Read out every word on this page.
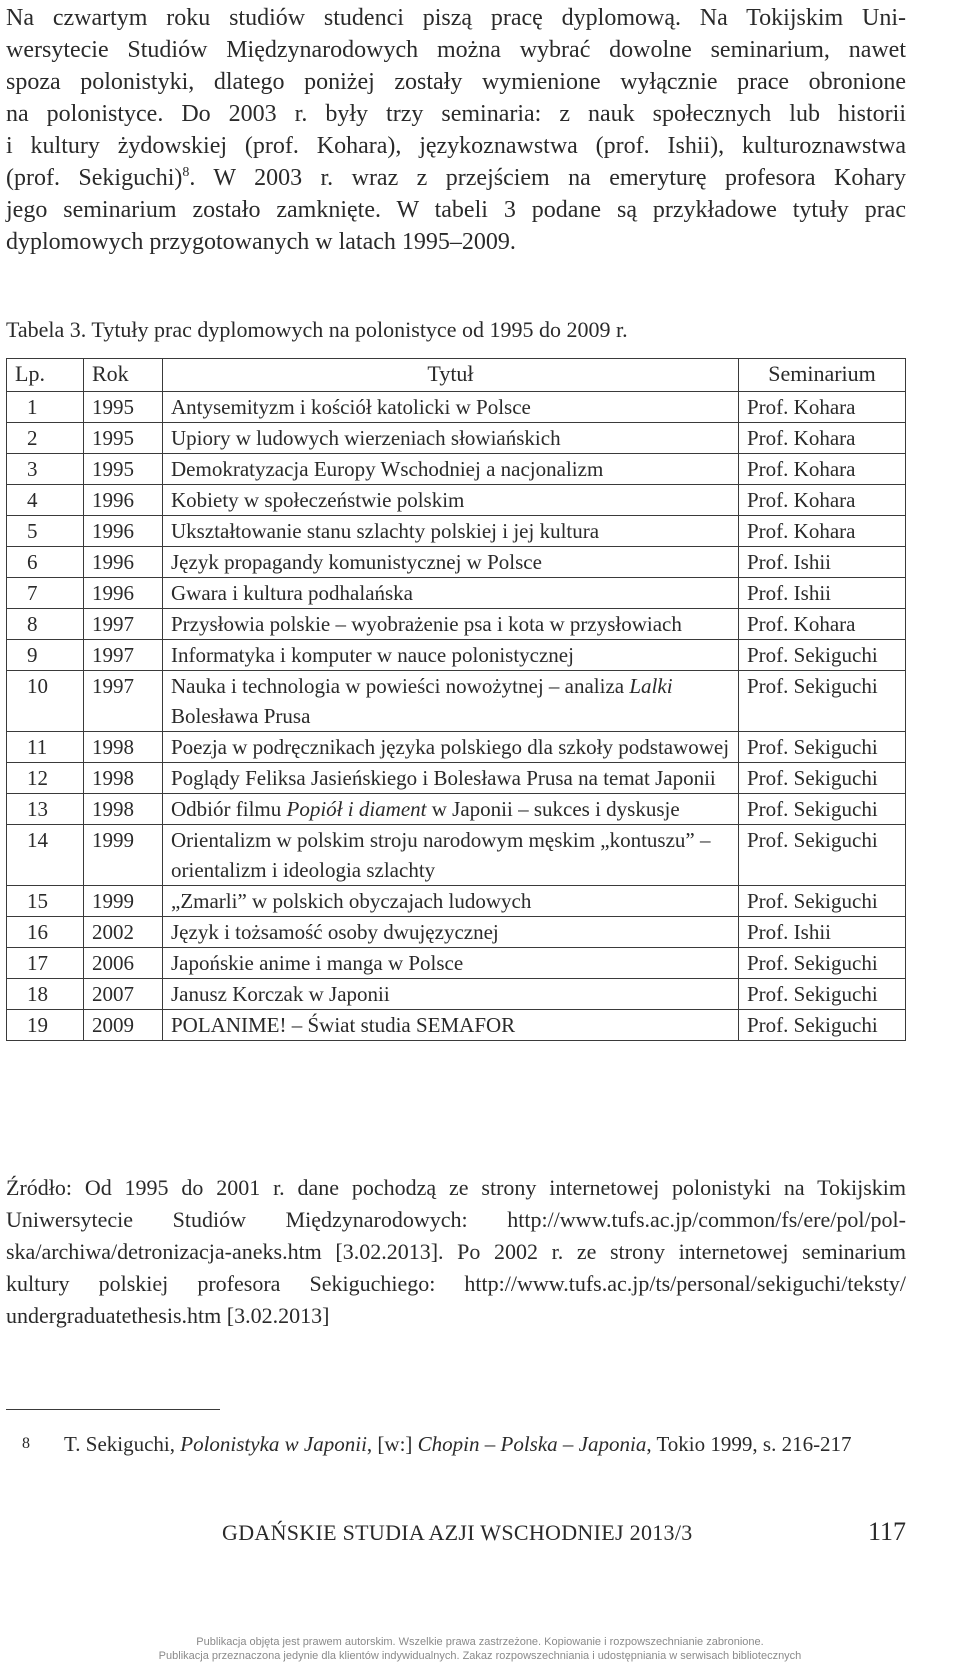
Na czwartym roku studiów studenci piszą pracę dyplomową. Na Tokijskim Uni-
wersytecie Studiów Międzynarodowych można wybrać dowolne seminarium, nawet
spoza polonistyki, dlatego poniżej zostały wymienione wyłącznie prace obronione
na polonistyce. Do 2003 r. były trzy seminaria: z nauk społecznych lub historii
i kultury żydowskiej (prof. Kohara), językoznawstwa (prof. Ishii), kulturoznawstwa
(prof. Sekiguchi)$^8$. W 2003 r. wraz z przejściem na emeryturę profesora Kohary
jego seminarium zostało zamknięte. W tabeli 3 podane są przykładowe tytuły prac
dyplomowych przygotowanych w latach 1995–2009.

Tabela 3. Tytuły prac dyplomowych na polonistyce od 1995 do 2009 r.
Lp.	Rok	Tytuł	Seminarium
1	1995	Antysemityzm i kościół katolicki w Polsce	Prof. Kohara
2	1995	Upiory w ludowych wierzeniach słowiańskich	Prof. Kohara
3	1995	Demokratyzacja Europy Wschodniej a nacjonalizm	Prof. Kohara
4	1996	Kobiety w społeczeństwie polskim	Prof. Kohara
5	1996	Ukształtowanie stanu szlachty polskiej i jej kultura	Prof. Kohara
6	1996	Język propagandy komunistycznej w Polsce	Prof. Ishii
7	1996	Gwara i kultura podhalańska	Prof. Ishii
8	1997	Przysłowia polskie – wyobrażenie psa i kota w przysłowiach	Prof. Kohara
9	1997	Informatyka i komputer w nauce polonistycznej	Prof. Sekiguchi
10	1997	Nauka i technologia w powieści nowożytnej – analiza Lalki Bolesława Prusa	Prof. Sekiguchi
11	1998	Poezja w podręcznikach języka polskiego dla szkoły podstawowej	Prof. Sekiguchi
12	1998	Poglądy Feliksa Jasieńskiego i Bolesława Prusa na temat Japonii	Prof. Sekiguchi
13	1998	Odbiór filmu Popiół i diament w Japonii – sukces i dyskusje	Prof. Sekiguchi
14	1999	Orientalizm w polskim stroju narodowym męskim „kontuszu” – orientalizm i ideologia szlachty	Prof. Sekiguchi
15	1999	„Zmarli” w polskich obyczajach ludowych	Prof. Sekiguchi
16	2002	Język i tożsamość osoby dwujęzycznej	Prof. Ishii
17	2006	Japońskie anime i manga w Polsce	Prof. Sekiguchi
18	2007	Janusz Korczak w Japonii	Prof. Sekiguchi
19	2009	POLANIME! – Świat studia SEMAFOR	Prof. Sekiguchi
Źródło: Od 1995 do 2001 r. dane pochodzą ze strony internetowej polonistyki na Tokijskim
Uniwersytecie Studiów Międzynarodowych: http://www.tufs.ac.jp/common/fs/ere/pol/pol-
ska/archiwa/detronizacja-aneks.htm [3.02.2013]. Po 2002 r. ze strony internetowej seminarium
kultury polskiej profesora Sekiguchiego: http://www.tufs.ac.jp/ts/personal/sekiguchi/teksty/
undergraduatethesis.htm [3.02.2013]
8 T. Sekiguchi, Polonistyka w Japonii, [w:] Chopin – Polska – Japonia, Tokio 1999, s. 216-217
GDAŃSKIE STUDIA AZJI WSCHODNIEJ 2013/3	117
Publikacja objęta jest prawem autorskim. Wszelkie prawa zastrzeżone. Kopiowanie i rozpowszechnianie zabronione.
Publikacja przeznaczona jedynie dla klientów indywidualnych. Zakaz rozpowszechniania i udostępniania w serwisach bibliotecznych
